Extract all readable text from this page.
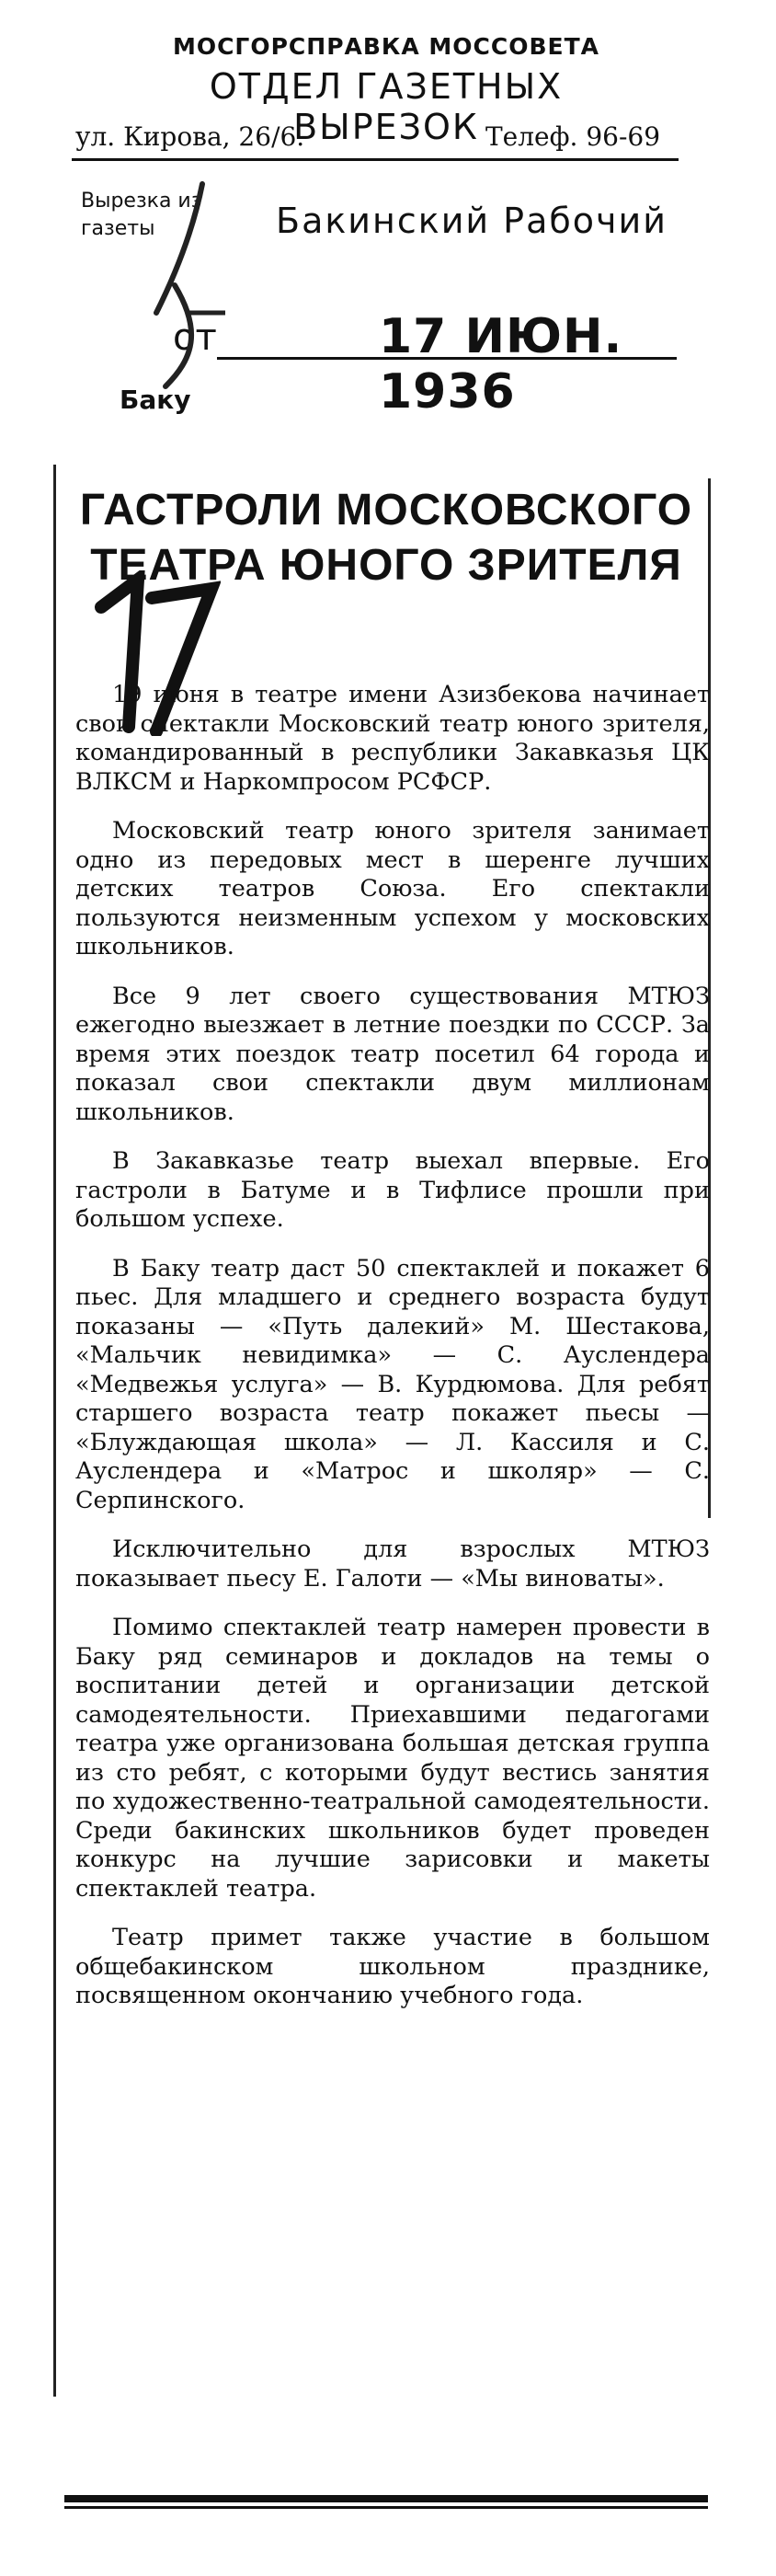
МОСГОРСПРАВКА МОССОВЕТА
ОТДЕЛ ГАЗЕТНЫХ ВЫРЕЗОК
ул. Кирова, 26/6.	Телеф. 96-69
Вырезка из газеты	Бакинский Рабочий
от	17 ИЮН. 1936
Баку
ГАСТРОЛИ МОСКОВСКОГО ТЕАТРА ЮНОГО ЗРИТЕЛЯ

19 июня в театре имени Азизбекова начинает свои спектакли Московский театр юного зрителя, командированный в республики Закавказья ЦК ВЛКСМ и Наркомпросом РСФСР.

Московский театр юного зрителя занимает одно из передовых мест в шеренге лучших детских театров Союза. Его спектакли пользуются неизменным успехом у московских школьников.

Все 9 лет своего существования МТЮЗ ежегодно выезжает в летние поездки по СССР. За время этих поездок театр посетил 64 города и показал свои спектакли двум миллионам школьников.

В Закавказье театр выехал впервые. Его гастроли в Батуме и в Тифлисе прошли при большом успехе.

В Баку театр даст 50 спектаклей и покажет 6 пьес. Для младшего и среднего возраста будут показаны — «Путь далекий» М. Шестакова, «Мальчик невидимка» — С. Ауслендера «Медвежья услуга» — В. Курдюмова. Для ребят старшего возраста театр покажет пьесы — «Блуждающая школа» — Л. Кассиля и С. Ауслендера и «Матрос и школяр» — С. Серпинского.

Исключительно для взрослых МТЮЗ показывает пьесу Е. Галоти — «Мы виноваты».

Помимо спектаклей театр намерен провести в Баку ряд семинаров и докладов на темы о воспитании детей и организации детской самодеятельности. Приехавшими педагогами театра уже организована большая детская группа из сто ребят, с которыми будут вестись занятия по художественно-театральной самодеятельности. Среди бакинских школьников будет проведен конкурс на лучшие зарисовки и макеты спектаклей театра.

Театр примет также участие в большом общебакинском школьном празднике, посвященном окончанию учебного года.
